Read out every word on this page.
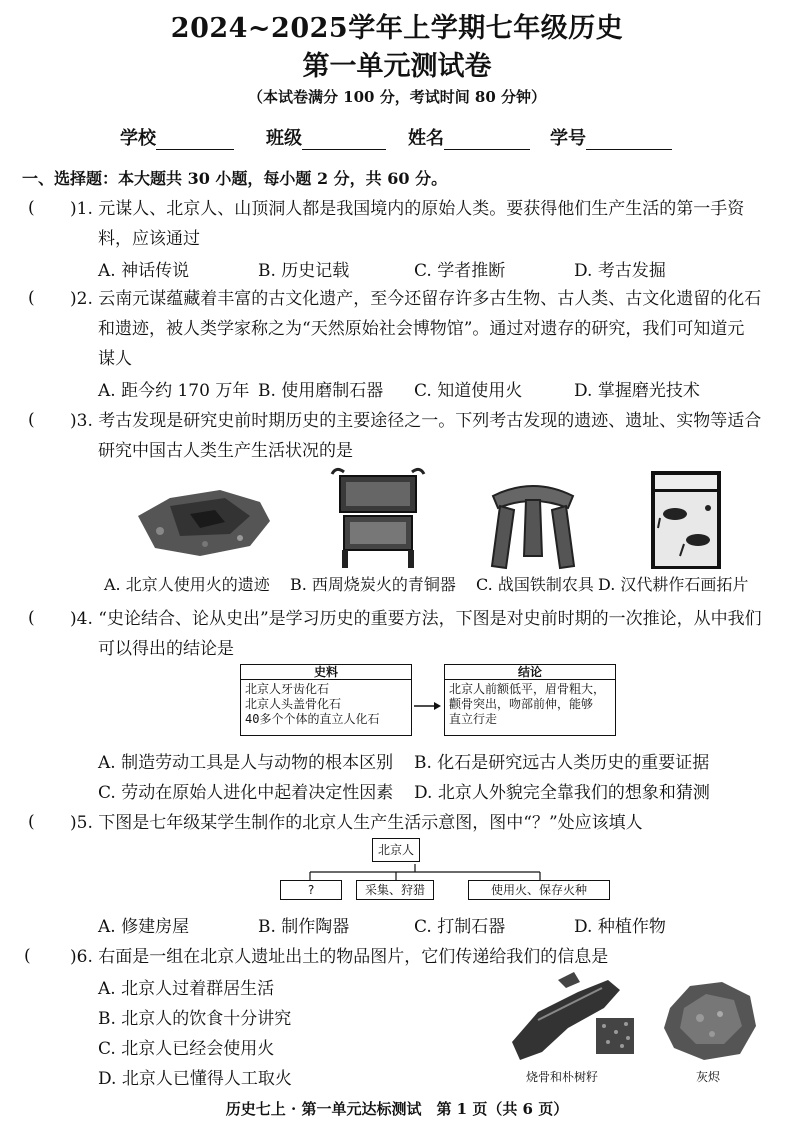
2024~2025学年上学期七年级历史
第一单元测试卷
（本试卷满分 100 分，考试时间 80 分钟）
学校	班级	姓名	学号
一、选择题：本大题共 30 小题，每小题 2 分，共 60 分。
( )1. 元谋人、北京人、山顶洞人都是我国境内的原始人类。要获得他们生产生活的第一手资
料，应该通过
A. 神话传说	B. 历史记载	C. 学者推断	D. 考古发掘
( )2. 云南元谋蕴藏着丰富的古文化遗产，至今还留存许多古生物、古人类、古文化遗留的化石
和遗迹，被人类学家称之为“天然原始社会博物馆”。通过对遗存的研究，我们可知道元
谋人
A. 距今约 170 万年 B. 使用磨制石器 C. 知道使用火	D. 掌握磨光技术
( )3. 考古发现是研究史前时期历史的主要途径之一。下列考古发现的遗迹、遗址、实物等适合
研究中国古人类生产生活状况的是
A. 北京人使用火的遗迹 B. 西周烧炭火的青铜器 C. 战国铁制农具 D. 汉代耕作石画拓片
( )4. “史论结合、论从史出”是学习历史的重要方法，下图是对史前时期的一次推论，从中我们
可以得出的结论是
史料
北京人牙齿化石
北京人头盖骨化石
40多个个体的直立人化石
结论
北京人前额低平，眉骨粗大，
颧骨突出，吻部前伸，能够
直立行走
A. 制造劳动工具是人与动物的根本区别 B. 化石是研究远古人类历史的重要证据
C. 劳动在原始人进化中起着决定性因素 D. 北京人外貌完全靠我们的想象和猜测
( )5. 下图是七年级某学生制作的北京人生产生活示意图，图中“？”处应该填人
北京人
?	采集、狩猎	使用火、保存火种
A. 修建房屋	B. 制作陶器	C. 打制石器	D. 种植作物
( )6. 右面是一组在北京人遗址出土的物品图片，它们传递给我们的信息是
A. 北京人过着群居生活
B. 北京人的饮食十分讲究
C. 北京人已经会使用火
D. 北京人已懂得人工取火	烧骨和朴树籽	灰烬
历史七上 · 第一单元达标测试　第 1 页（共 6 页）
